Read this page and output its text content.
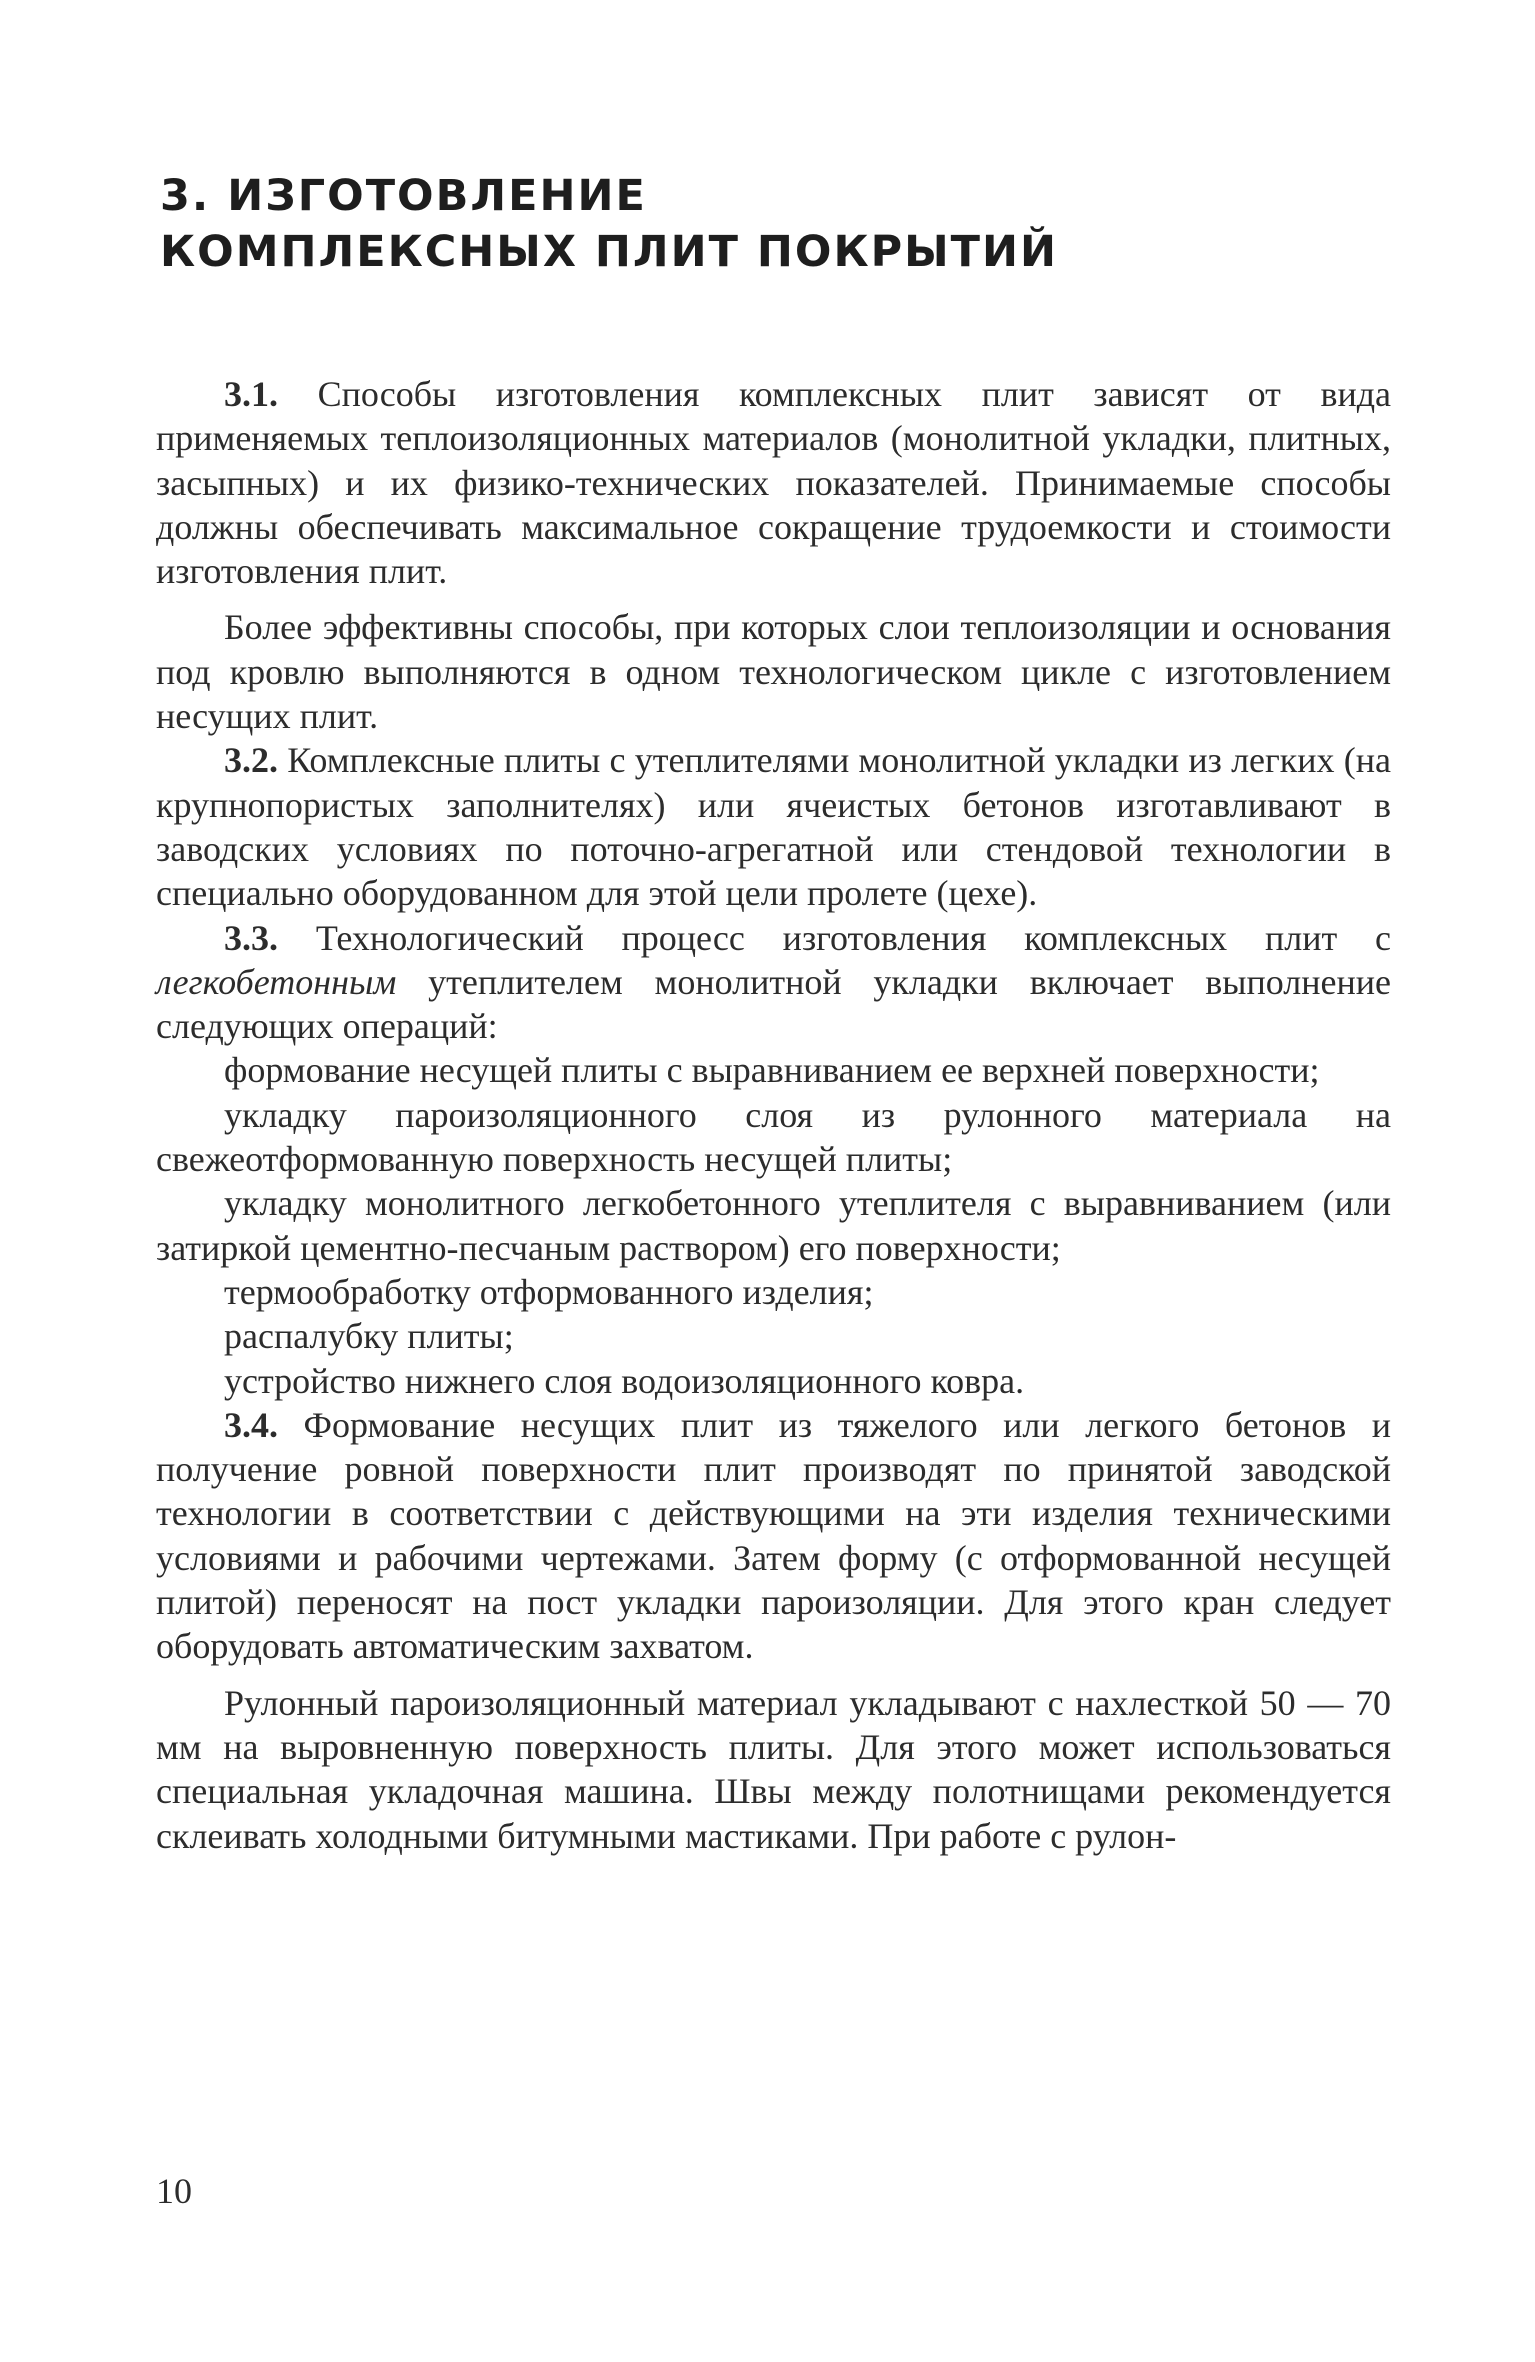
3. ИЗГОТОВЛЕНИЕ
КОМПЛЕКСНЫХ ПЛИТ ПОКРЫТИЙ

3.1. Способы изготовления комплексных плит зависят от вида применяемых теплоизоляционных материалов (монолитной укладки, плитных, засыпных) и их физико-технических показателей. Принимаемые способы должны обеспечивать максимальное сокращение трудоемкости и стоимости изготовления плит.

Более эффективны способы, при которых слои теплоизоляции и основания под кровлю выполняются в одном технологическом цикле с изготовлением несущих плит.

3.2. Комплексные плиты с утеплителями монолитной укладки из легких (на крупнопористых заполнителях) или ячеистых бетонов изготавливают в заводских условиях по поточно-агрегатной или стендовой технологии в специально оборудованном для этой цели пролете (цехе).

3.3. Технологический процесс изготовления комплексных плит с легкобетонным утеплителем монолитной укладки включает выполнение следующих операций:

формование несущей плиты с выравниванием ее верхней поверхности;

укладку пароизоляционного слоя из рулонного материала на свежеотформованную поверхность несущей плиты;

укладку монолитного легкобетонного утеплителя с выравниванием (или затиркой цементно-песчаным раствором) его поверхности;

термообработку отформованного изделия;

распалубку плиты;

устройство нижнего слоя водоизоляционного ковра.

3.4. Формование несущих плит из тяжелого или легкого бетонов и получение ровной поверхности плит производят по принятой заводской технологии в соответствии с действующими на эти изделия техническими условиями и рабочими чертежами. Затем форму (с отформованной несущей плитой) переносят на пост укладки пароизоляции. Для этого кран следует оборудовать автоматическим захватом.

Рулонный пароизоляционный материал укладывают с нахлесткой 50 — 70 мм на выровненную поверхность плиты. Для этого может использоваться специальная укладочная машина. Швы между полотнищами рекомендуется склеивать холодными битумными мастиками. При работе с рулон-

10
